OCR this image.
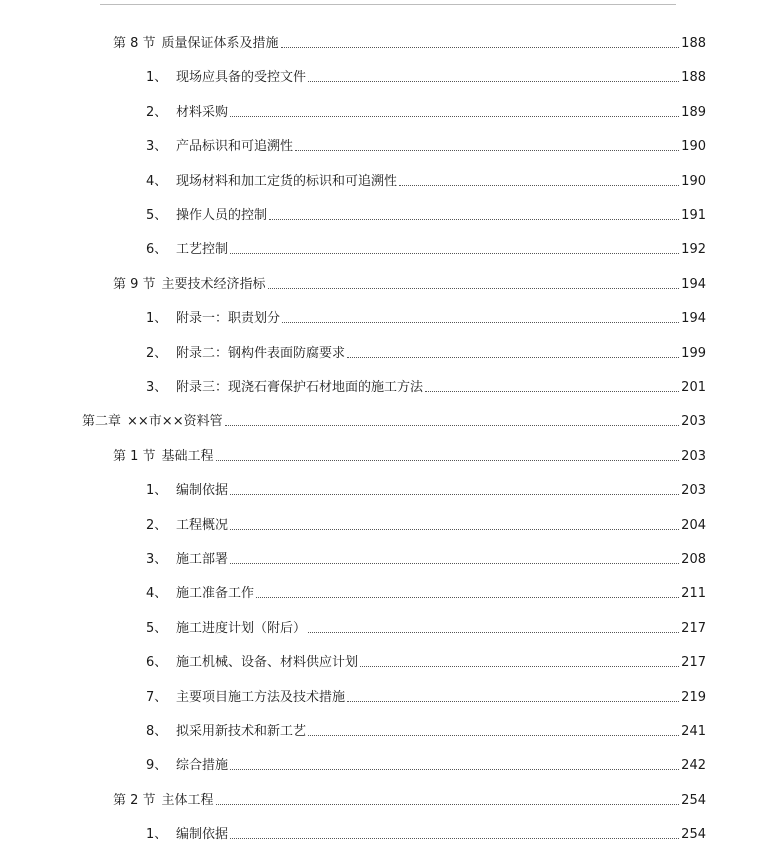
第 8 节 质量保证体系及措施	188
1、 现场应具备的受控文件	188
2、 材料采购	189
3、 产品标识和可追溯性	190
4、 现场材料和加工定货的标识和可追溯性	190
5、 操作人员的控制	191
6、 工艺控制	192
第 9 节 主要技术经济指标	194
1、 附录一：职责划分	194
2、 附录二：钢构件表面防腐要求	199
3、 附录三：现浇石膏保护石材地面的施工方法	201
第二章 ××市××资料管	203
第 1 节 基础工程	203
1、 编制依据	203
2、 工程概况	204
3、 施工部署	208
4、 施工准备工作	211
5、 施工进度计划（附后）	217
6、 施工机械、设备、材料供应计划	217
7、 主要项目施工方法及技术措施	219
8、 拟采用新技术和新工艺	241
9、 综合措施	242
第 2 节 主体工程	254
1、 编制依据	254
